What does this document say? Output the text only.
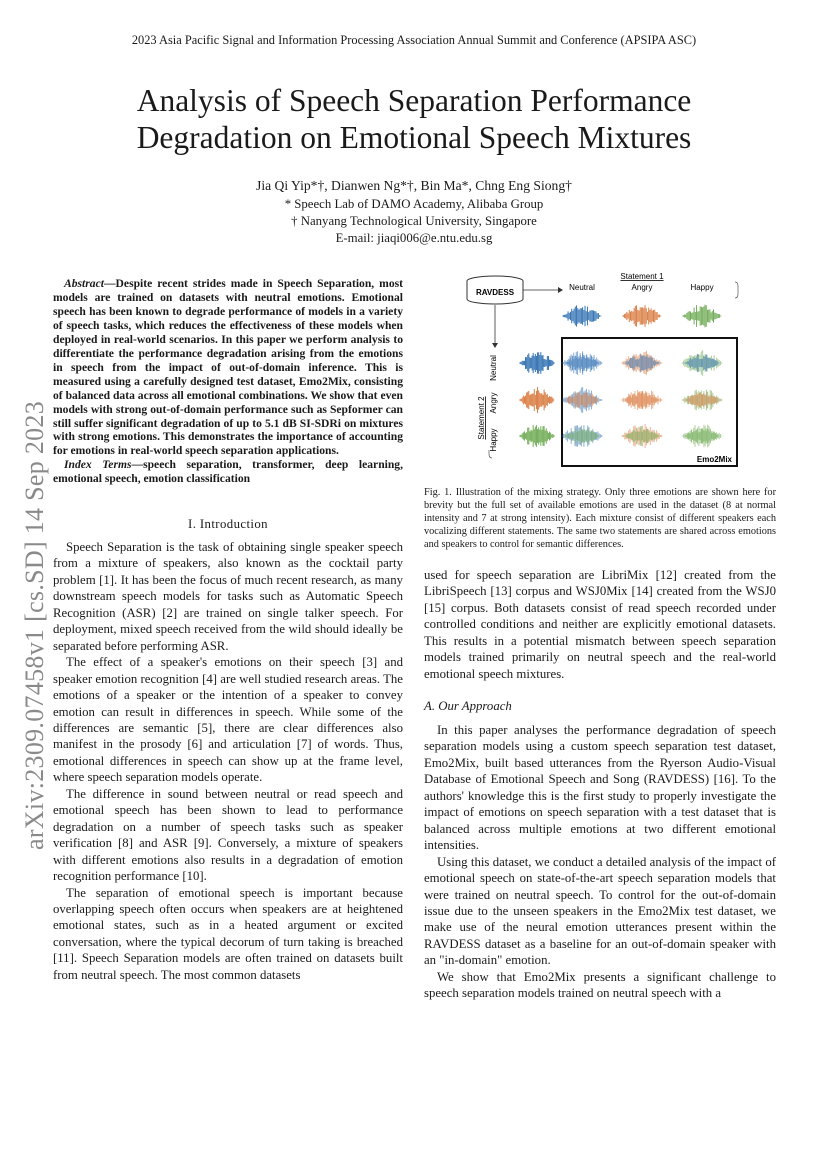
2023 Asia Pacific Signal and Information Processing Association Annual Summit and Conference (APSIPA ASC)
Analysis of Speech Separation Performance Degradation on Emotional Speech Mixtures
Jia Qi Yip*†, Dianwen Ng*†, Bin Ma*, Chng Eng Siong†
* Speech Lab of DAMO Academy, Alibaba Group
† Nanyang Technological University, Singapore
E-mail: jiaqi006@e.ntu.edu.sg
arXiv:2309.07458v1 [cs.SD] 14 Sep 2023

Abstract—Despite recent strides made in Speech Separation, most models are trained on datasets with neutral emotions. Emotional speech has been known to degrade performance of models in a variety of speech tasks, which reduces the effectiveness of these models when deployed in real-world scenarios. In this paper we perform analysis to differentiate the performance degradation arising from the emotions in speech from the impact of out-of-domain inference. This is measured using a carefully designed test dataset, Emo2Mix, consisting of balanced data across all emotional combinations. We show that even models with strong out-of-domain performance such as Sepformer can still suffer significant degradation of up to 5.1 dB SI-SDRi on mixtures with strong emotions. This demonstrates the importance of accounting for emotions in real-world speech separation applications.

Index Terms—speech separation, transformer, deep learning, emotional speech, emotion classification

I. Introduction

Speech Separation is the task of obtaining single speaker speech from a mixture of speakers, also known as the cocktail party problem [1]. It has been the focus of much recent research, as many downstream speech models for tasks such as Automatic Speech Recognition (ASR) [2] are trained on single talker speech. For deployment, mixed speech received from the wild should ideally be separated before performing ASR.

The effect of a speaker's emotions on their speech [3] and speaker emotion recognition [4] are well studied research areas. The emotions of a speaker or the intention of a speaker to convey emotion can result in differences in speech. While some of the differences are semantic [5], there are clear differences also manifest in the prosody [6] and articulation [7] of words. Thus, emotional differences in speech can show up at the frame level, where speech separation models operate.

The difference in sound between neutral or read speech and emotional speech has been shown to lead to performance degradation on a number of speech tasks such as speaker verification [8] and ASR [9]. Conversely, a mixture of speakers with different emotions also results in a degradation of emotion recognition performance [10].

The separation of emotional speech is important because overlapping speech often occurs when speakers are at heightened emotional states, such as in a heated argument or excited conversation, where the typical decorum of turn taking is breached [11]. Speech Separation models are often trained on datasets built from neutral speech. The most common datasets

RAVDESS
Statement 1
Neutral	Angry	Happy
Statement 2
Neutral
Angry
Happy
Emo2Mix
Fig. 1. Illustration of the mixing strategy. Only three emotions are shown here for brevity but the full set of available emotions are used in the dataset (8 at normal intensity and 7 at strong intensity). Each mixture consist of different speakers each vocalizing different statements. The same two statements are shared across emotions and speakers to control for semantic differences.

used for speech separation are LibriMix [12] created from the LibriSpeech [13] corpus and WSJ0Mix [14] created from the WSJ0 [15] corpus. Both datasets consist of read speech recorded under controlled conditions and neither are explicitly emotional datasets. This results in a potential mismatch between speech separation models trained primarily on neutral speech and the real-world emotional speech mixtures.

A. Our Approach

In this paper analyses the performance degradation of speech separation models using a custom speech separation test dataset, Emo2Mix, built based utterances from the Ryerson Audio-Visual Database of Emotional Speech and Song (RAVDESS) [16]. To the authors' knowledge this is the first study to properly investigate the impact of emotions on speech separation with a test dataset that is balanced across multiple emotions at two different emotional intensities.

Using this dataset, we conduct a detailed analysis of the impact of emotional speech on state-of-the-art speech separation models that were trained on neutral speech. To control for the out-of-domain issue due to the unseen speakers in the Emo2Mix test dataset, we make use of the neural emotion utterances present within the RAVDESS dataset as a baseline for an out-of-domain speaker with an "in-domain" emotion.

We show that Emo2Mix presents a significant challenge to speech separation models trained on neutral speech with a
